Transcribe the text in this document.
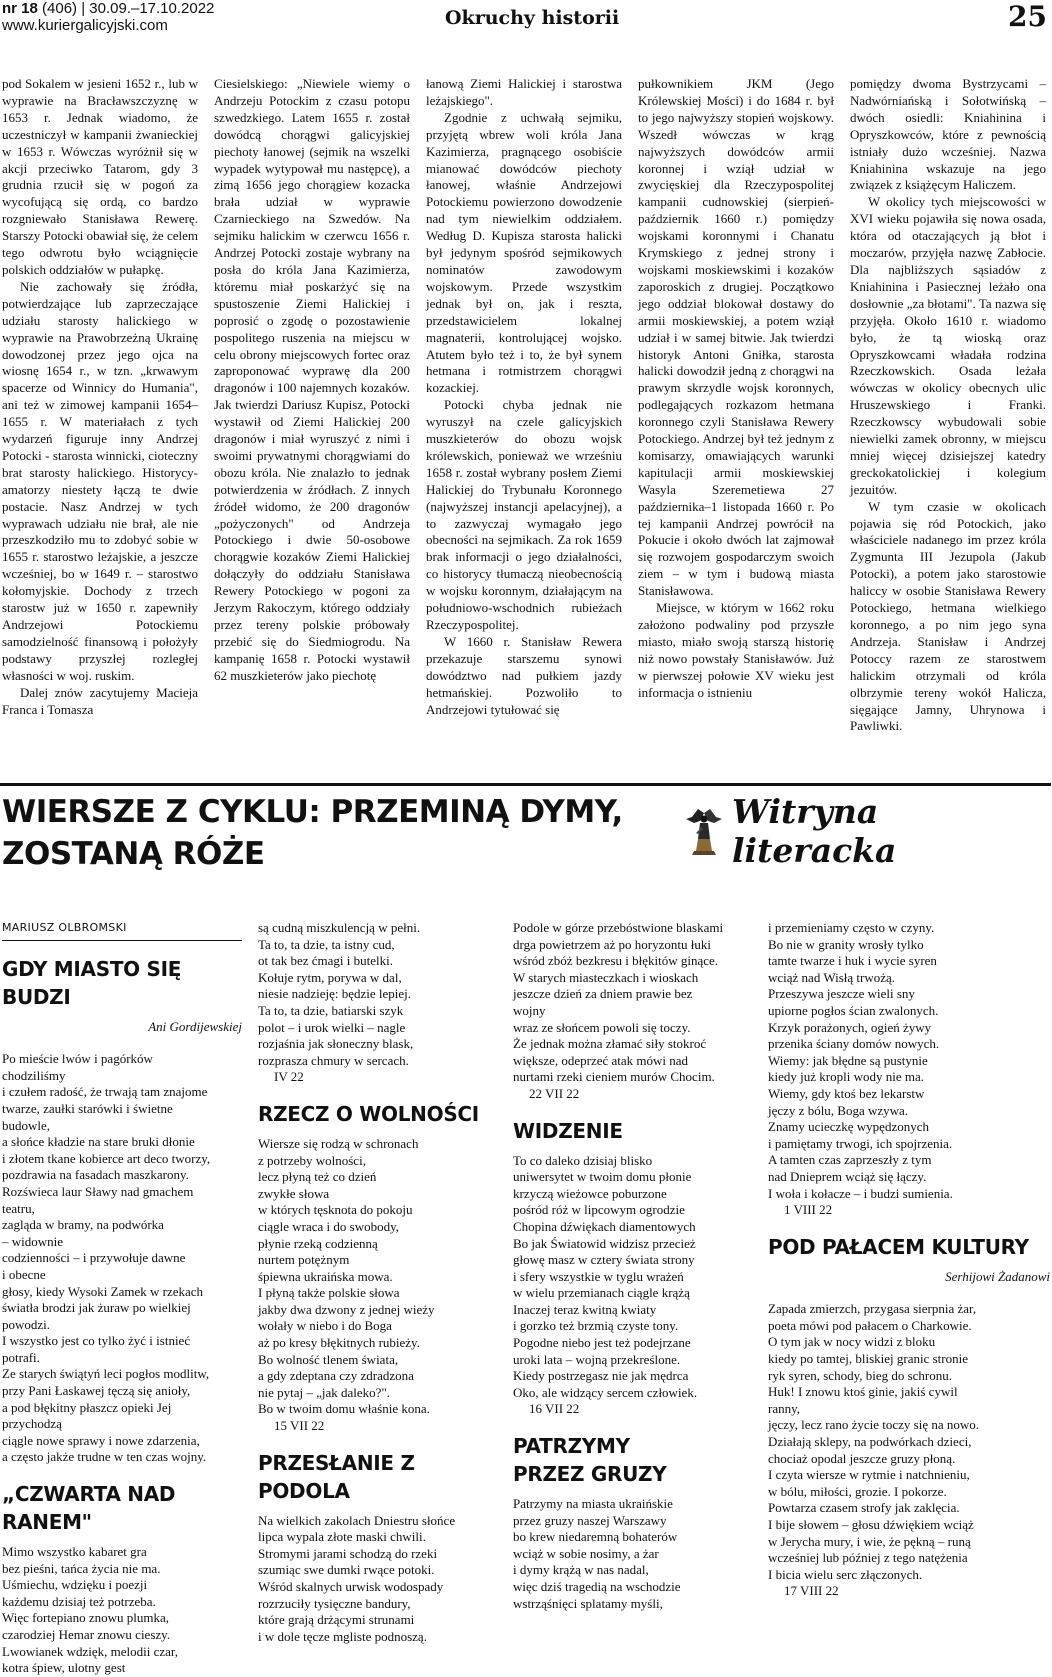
nr 18 (406) | 30.09.–17.10.2022
www.kuriergalicyjski.com	Okruchy historii	25

pod Sokalem w jesieni 1652 r., lub w wyprawie na Bracławszczyznę w 1653 r. Jednak wiadomo, że uczestniczył w kampanii żwanieckiej w 1653 r. Wówczas wyróżnił się w akcji przeciwko Tatarom, gdy 3 grudnia rzucił się w pogoń za wycofującą się ordą, co bardzo rozgniewało Stanisława Rewerę. Starszy Potocki obawiał się, że celem tego odwrotu było wciągnięcie polskich oddziałów w pułapkę.

Nie zachowały się źródła, potwierdzające lub zaprzeczające udziału starosty halickiego w wyprawie na Prawobrzeżną Ukrainę dowodzonej przez jego ojca na wiosnę 1654 r., w tzn. „krwawym spacerze od Winnicy do Humania", ani też w zimowej kampanii 1654–1655 r. W materiałach z tych wydarzeń figuruje inny Andrzej Potocki - starosta winnicki, cioteczny brat starosty halickiego. Historycy-amatorzy niestety łączą te dwie postacie. Nasz Andrzej w tych wyprawach udziału nie brał, ale nie przeszkodziło mu to zdobyć sobie w 1655 r. starostwo leżajskie, a jeszcze wcześniej, bo w 1649 r. – starostwo kołomyjskie. Dochody z trzech starostw już w 1650 r. zapewniły Andrzejowi Potockiemu samodzielność finansową i położyły podstawy przyszłej rozległej własności w woj. ruskim.

Dalej znów zacytujemy Macieja Franca i Tomasza

Ciesielskiego: „Niewiele wiemy o Andrzeju Potockim z czasu potopu szwedzkiego. Latem 1655 r. został dowódcą chorągwi galicyjskiej piechoty łanowej (sejmik na wszelki wypadek wytypował mu następcę), a zimą 1656 jego chorągiew kozacka brała udział w wyprawie Czarnieckiego na Szwedów. Na sejmiku halickim w czerwcu 1656 r. Andrzej Potocki zostaje wybrany na posła do króla Jana Kazimierza, któremu miał poskarżyć się na spustoszenie Ziemi Halickiej i poprosić o zgodę o pozostawienie pospolitego ruszenia na miejscu w celu obrony miejscowych fortec oraz zaproponować wyprawę dla 200 dragonów i 100 najemnych kozaków. Jak twierdzi Dariusz Kupisz, Potocki wystawił od Ziemi Halickiej 200 dragonów i miał wyruszyć z nimi i swoimi prywatnymi chorągwiami do obozu króla. Nie znalazło to jednak potwierdzenia w źródłach. Z innych źródeł widomo, że 200 dragonów „pożyczonych" od Andrzeja Potockiego i dwie 50-osobowe chorągwie kozaków Ziemi Halickiej dołączyły do oddziału Stanisława Rewery Potockiego w pogoni za Jerzym Rakoczym, którego oddziały przez tereny polskie próbowały przebić się do Siedmiogrodu. Na kampanię 1658 r. Potocki wystawił 62 muszkieterów jako piechotę

łanową Ziemi Halickiej i starostwa leżajskiego".

Zgodnie z uchwałą sejmiku, przyjętą wbrew woli króla Jana Kazimierza, pragnącego osobiście mianować dowódców piechoty łanowej, właśnie Andrzejowi Potockiemu powierzono dowodzenie nad tym niewielkim oddziałem. Według D. Kupisza starosta halicki był jedynym spośród sejmikowych nominatów zawodowym wojskowym. Przede wszystkim jednak był on, jak i reszta, przedstawicielem lokalnej magnaterii, kontrolującej wojsko. Atutem było też i to, że był synem hetmana i rotmistrzem chorągwi kozackiej.

Potocki chyba jednak nie wyruszył na czele galicyjskich muszkieterów do obozu wojsk królewskich, ponieważ we wrześniu 1658 r. został wybrany posłem Ziemi Halickiej do Trybunału Koronnego (najwyższej instancji apelacyjnej), a to zazwyczaj wymagało jego obecności na sejmikach. Za rok 1659 brak informacji o jego działalności, co historycy tłumaczą nieobecnością w wojsku koronnym, działającym na południowo-wschodnich rubieżach Rzeczypospolitej.

W 1660 r. Stanisław Rewera przekazuje starszemu synowi dowództwo nad pułkiem jazdy hetmańskiej. Pozwoliło to Andrzejowi tytułować się

pułkownikiem JKM (Jego Królewskiej Mości) i do 1684 r. był to jego najwyższy stopień wojskowy. Wszedł wówczas w krąg najwyższych dowódców armii koronnej i wziął udział w zwycięskiej dla Rzeczypospolitej kampanii cudnowskiej (sierpień-październik 1660 r.) pomiędzy wojskami koronnymi i Chanatu Krymskiego z jednej strony i wojskami moskiewskimi i kozaków zaporoskich z drugiej. Początkowo jego oddział blokował dostawy do armii moskiewskiej, a potem wziął udział i w samej bitwie. Jak twierdzi historyk Antoni Gniłka, starosta halicki dowodził jedną z chorągwi na prawym skrzydle wojsk koronnych, podlegających rozkazom hetmana koronnego czyli Stanisława Rewery Potockiego. Andrzej był też jednym z komisarzy, omawiających warunki kapitulacji armii moskiewskiej Wasyla Szeremetiewa 27 października–1 listopada 1660 r. Po tej kampanii Andrzej powrócił na Pokucie i około dwóch lat zajmował się rozwojem gospodarczym swoich ziem – w tym i budową miasta Stanisławowa.

Miejsce, w którym w 1662 roku założono podwaliny pod przyszłe miasto, miało swoją starszą historię niż nowo powstały Stanisławów. Już w pierwszej połowie XV wieku jest informacja o istnieniu

pomiędzy dwoma Bystrzycami – Nadwórniańską i Sołotwińską – dwóch osiedli: Kniahinina i Opryszkowców, które z pewnością istniały dużo wcześniej. Nazwa Kniahinina wskazuje na jego związek z książęcym Haliczem.

W okolicy tych miejscowości w XVI wieku pojawiła się nowa osada, która od otaczających ją błot i moczarów, przyjęła nazwę Zabłocie. Dla najbliższych sąsiadów z Kniahinina i Pasiecznej leżało ona dosłownie „za błotami". Ta nazwa się przyjęła. Około 1610 r. wiadomo było, że tą wioską oraz Opryszkowcami władała rodzina Rzeczkowskich. Osada leżała wówczas w okolicy obecnych ulic Hruszewskiego i Franki. Rzeczkowscy wybudowali sobie niewielki zamek obronny, w miejscu mniej więcej dzisiejszej katedry greckokatolickiej i kolegium jezuitów.

W tym czasie w okolicach pojawia się ród Potockich, jako właściciele nadanego im przez króla Zygmunta III Jezupola (Jakub Potocki), a potem jako starostowie haliccy w osobie Stanisława Rewery Potockiego, hetmana wielkiego koronnego, a po nim jego syna Andrzeja. Stanisław i Andrzej Potoccy razem ze starostwem halickim otrzymali od króla olbrzymie tereny wokół Halicza, sięgające Jamny, Uhrynowa i Pawliwki.

WIERSZE Z CYKLU: PRZEMINĄ DYMY,
ZOSTANĄ RÓŻE
Witryna literacka
MARIUSZ OLBROMSKI
GDY MIASTO SIĘ BUDZI
Ani Gordijewskiej
Po mieście lwów i pagórków
chodziliśmy
i czułem radość, że trwają tam znajome
twarze, zaułki starówki i świetne
budowle,
a słońce kładzie na stare bruki dłonie
i złotem tkane kobierce art deco tworzy,
pozdrawia na fasadach maszkarony.
Rozświeca laur Sławy nad gmachem
teatru,
zagląda w bramy, na podwórka
– widownie
codzienności – i przywołuje dawne
i obecne
głosy, kiedy Wysoki Zamek w rzekach
światła brodzi jak żuraw po wielkiej
powodzi.
I wszystko jest co tylko żyć i istnieć
potrafi.
Ze starych świątyń leci pogłos modlitw,
przy Pani Łaskawej tęczą się anioły,
a pod błękitny płaszcz opieki Jej
przychodzą
ciągle nowe sprawy i nowe zdarzenia,
a często jakże trudne w ten czas wojny.
„CZWARTA NAD RANEM"
Mimo wszystko kabaret gra
bez pieśni, tańca życia nie ma.
Uśmiechu, wdzięku i poezji
każdemu dzisiaj też potrzeba.
Więc fortepiano znowu plumka,
czarodziej Hemar znowu cieszy.
Lwowianek wdzięk, melodii czar,
kotra śpiew, ulotny gest
są cudną miszkulencją w pełni.
Ta to, ta dzie, ta istny cud,
ot tak bez ćmagi i butelki.
Kołuje rytm, porywa w dal,
niesie nadzieję: będzie lepiej.
Ta to, ta dzie, batiarski szyk
polot – i urok wielki – nagle
rozjaśnia jak słoneczny blask,
rozprasza chmury w sercach.
IV 22
RZECZ O WOLNOŚCI
Wiersze się rodzą w schronach
z potrzeby wolności,
lecz płyną też co dzień
zwykłe słowa
w których tęsknota do pokoju
ciągle wraca i do swobody,
płynie rzeką codzienną
nurtem potężnym
śpiewna ukraińska mowa.
I płyną także polskie słowa
jakby dwa dzwony z jednej wieży
wołały w niebo i do Boga
aż po kresy błękitnych rubieży.
Bo wolność tlenem świata,
a gdy zdeptana czy zdradzona
nie pytaj – „jak daleko?".
Bo w twoim domu właśnie kona.
15 VII 22
PRZESŁANIE Z PODOLA
Na wielkich zakolach Dniestru słońce
lipca wypala złote maski chwili.
Stromymi jarami schodzą do rzeki
szumiąc swe dumki rwące potoki.
Wśród skalnych urwisk wodospady
rozrzuciły tysięczne bandury,
które grają drżącymi strunami
i w dole tęcze mgliste podnoszą.
Podole w górze przebóstwione blaskami
drga powietrzem aż po horyzontu łuki
wśród zbóż bezkresu i błękitów ginące.
W starych miasteczkach i wioskach
jeszcze dzień za dniem prawie bez
wojny
wraz ze słońcem powoli się toczy.
Że jednak można złamać siły stokroć
większe, odeprzeć atak mówi nad
nurtami rzeki cieniem murów Chocim.
22 VII 22
WIDZENIE
To co daleko dzisiaj blisko
uniwersytet w twoim domu płonie
krzyczą wieżowce poburzone
pośród róż w lipcowym ogrodzie
Chopina dźwiękach diamentowych
Bo jak Światowid widzisz przecież
głowę masz w cztery świata strony
i sfery wszystkie w tyglu wrażeń
w wielu przemianach ciągle krążą
Inaczej teraz kwitną kwiaty
i gorzko też brzmią czyste tony.
Pogodne niebo jest też podejrzane
uroki lata – wojną przekreślone.
Kiedy postrzegasz nie jak mędrca
Oko, ale widzący sercem człowiek.
16 VII 22
PATRZYMY
PRZEZ GRUZY
Patrzymy na miasta ukraińskie
przez gruzy naszej Warszawy
bo krew niedaremną bohaterów
wciąż w sobie nosimy, a żar
i dymy krążą w nas nadal,
więc dziś tragedią na wschodzie
wstrząśnięci splatamy myśli,
i przemieniamy często w czyny.
Bo nie w granity wrosły tylko
tamte twarze i huk i wycie syren
wciąż nad Wisłą trwożą.
Przeszywa jeszcze wieli sny
upiorne pogłos ścian zwalonych.
Krzyk porażonych, ogień żywy
przenika ściany domów nowych.
Wiemy: jak błędne są pustynie
kiedy już kropli wody nie ma.
Wiemy, gdy ktoś bez lekarstw
jęczy z bólu, Boga wzywa.
Znamy ucieczkę wypędzonych
i pamiętamy trwogi, ich spojrzenia.
A tamten czas zaprzeszły z tym
nad Dnieprem wciąż się łączy.
I woła i kołacze – i budzi sumienia.
1 VIII 22
POD PAŁACEM KULTURY
Serhijowi Żadanowi
Zapada zmierzch, przygasa sierpnia żar,
poeta mówi pod pałacem o Charkowie.
O tym jak w nocy widzi z bloku
kiedy po tamtej, bliskiej granic stronie
ryk syren, schody, bieg do schronu.
Huk! I znowu ktoś ginie, jakiś cywil
ranny,
jęczy, lecz rano życie toczy się na nowo.
Działają sklepy, na podwórkach dzieci,
chociaż opodal jeszcze gruzy płoną.
I czyta wiersze w rytmie i natchnieniu,
w bólu, miłości, grozie. I pokorze.
Powtarza czasem strofy jak zaklęcia.
I bije słowem – głosu dźwiękiem wciąż
w Jerycha mury, i wie, że pękną – runą
wcześniej lub później z tego natężenia
I bicia wielu serc złączonych.
17 VIII 22
